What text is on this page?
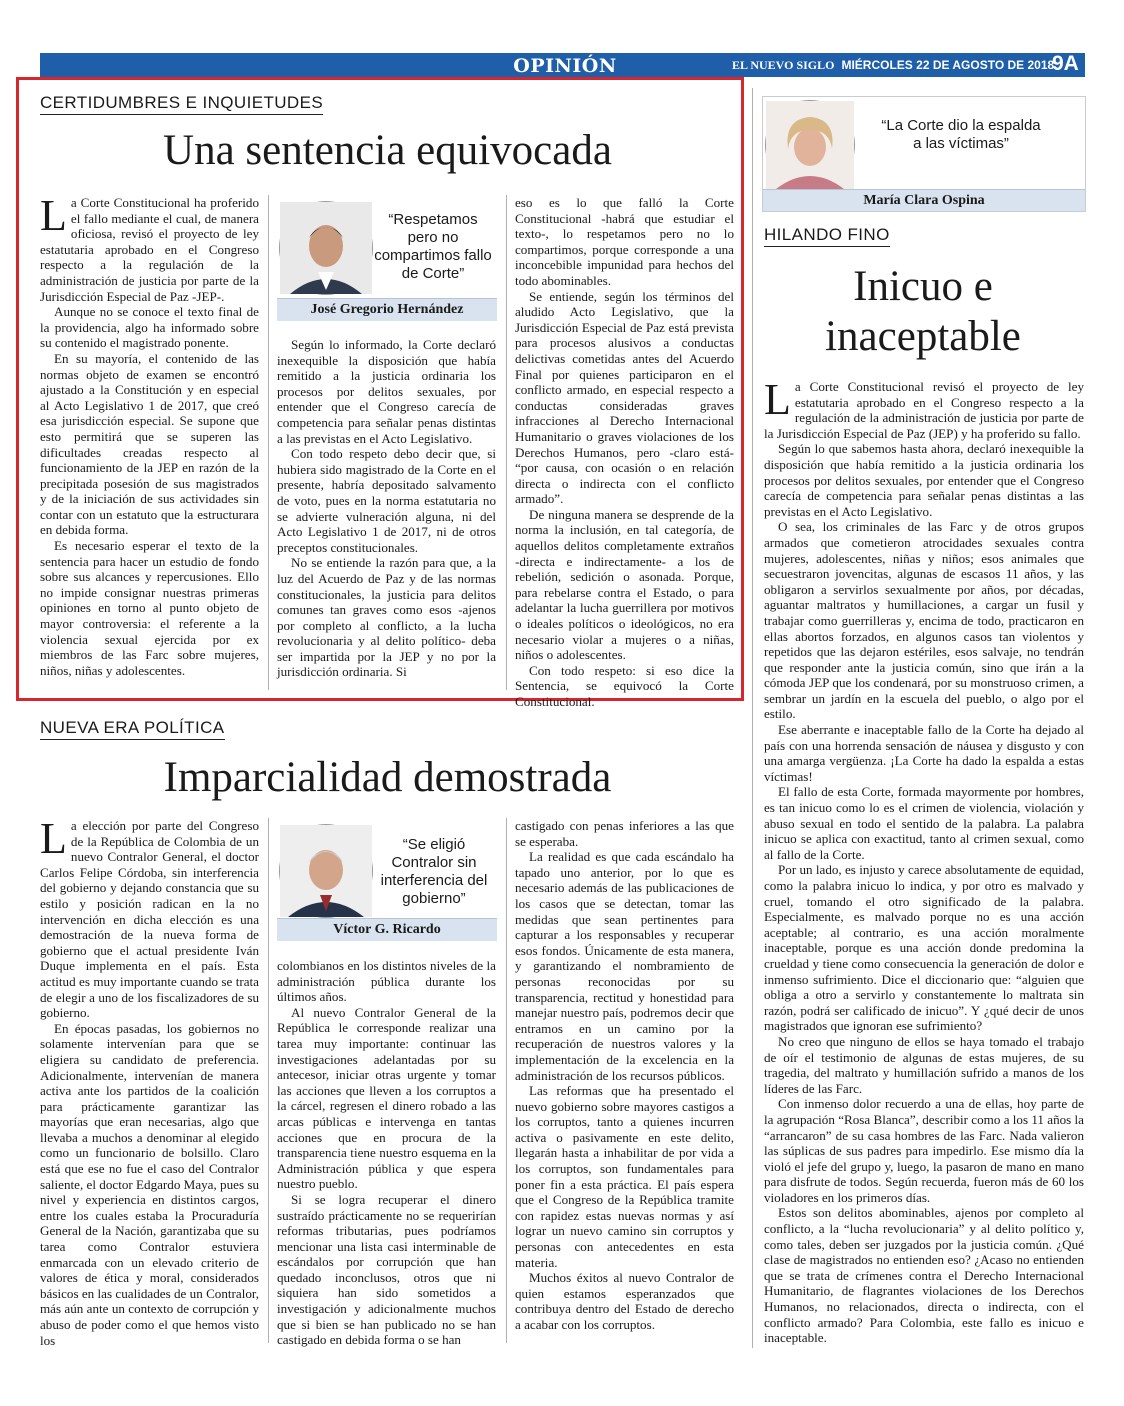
OPINIÓN	EL NUEVO SIGLO MIÉRCOLES 22 DE AGOSTO DE 2018
9A
CERTIDUMBRES E INQUIETUDES
Una sentencia equivocada

La Corte Constitucional ha proferido el fallo mediante el cual, de manera oficiosa, revisó el proyecto de ley estatutaria aprobado en el Congreso respecto a la regulación de la administración de justicia por parte de la Jurisdicción Especial de Paz -JEP-.

Aunque no se conoce el texto final de la providencia, algo ha informado sobre su contenido el magistrado ponente.

En su mayoría, el contenido de las normas objeto de examen se encontró ajustado a la Constitución y en especial al Acto Legislativo 1 de 2017, que creó esa jurisdicción especial. Se supone que esto permitirá que se superen las dificultades creadas respecto al funcionamiento de la JEP en razón de la precipitada posesión de sus magistrados y de la iniciación de sus actividades sin contar con un estatuto que la estructurara en debida forma.

Es necesario esperar el texto de la sentencia para hacer un estudio de fondo sobre sus alcances y repercusiones. Ello no impide consignar nuestras primeras opiniones en torno al punto objeto de mayor controversia: el referente a la violencia sexual ejercida por ex miembros de las Farc sobre mujeres, niños, niñas y adolescentes.

“Respetamos pero no compartimos fallo de Corte”
José Gregorio Hernández

Según lo informado, la Corte declaró inexequible la disposición que había remitido a la justicia ordinaria los procesos por delitos sexuales, por entender que el Congreso carecía de competencia para señalar penas distintas a las previstas en el Acto Legislativo.

Con todo respeto debo decir que, si hubiera sido magistrado de la Corte en el presente, habría depositado salvamento de voto, pues en la norma estatutaria no se advierte vulneración alguna, ni del Acto Legislativo 1 de 2017, ni de otros preceptos constitucionales.

No se entiende la razón para que, a la luz del Acuerdo de Paz y de las normas constitucionales, la justicia para delitos comunes tan graves como esos -ajenos por completo al conflicto, a la lucha revolucionaria y al delito político- deba ser impartida por la JEP y no por la jurisdicción ordinaria. Si

eso es lo que falló la Corte Constitucional -habrá que estudiar el texto-, lo respetamos pero no lo compartimos, porque corresponde a una inconcebible impunidad para hechos del todo abominables.

Se entiende, según los términos del aludido Acto Legislativo, que la Jurisdicción Especial de Paz está prevista para procesos alusivos a conductas delictivas cometidas antes del Acuerdo Final por quienes participaron en el conflicto armado, en especial respecto a conductas consideradas graves infracciones al Derecho Internacional Humanitario o graves violaciones de los Derechos Humanos, pero -claro está- “por causa, con ocasión o en relación directa o indirecta con el conflicto armado”.

De ninguna manera se desprende de la norma la inclusión, en tal categoría, de aquellos delitos completamente extraños -directa e indirectamente- a los de rebelión, sedición o asonada. Porque, para rebelarse contra el Estado, o para adelantar la lucha guerrillera por motivos o ideales políticos o ideológicos, no era necesario violar a mujeres o a niñas, niños o adolescentes.

Con todo respeto: si eso dice la Sentencia, se equivocó la Corte Constitucional.

NUEVA ERA POLÍTICA
Imparcialidad demostrada

La elección por parte del Congreso de la República de Colombia de un nuevo Contralor General, el doctor Carlos Felipe Córdoba, sin interferencia del gobierno y dejando constancia que su estilo y posición radican en la no intervención en dicha elección es una demostración de la nueva forma de gobierno que el actual presidente Iván Duque implementa en el país. Esta actitud es muy importante cuando se trata de elegir a uno de los fiscalizadores de su gobierno.

En épocas pasadas, los gobiernos no solamente intervenían para que se eligiera su candidato de preferencia. Adicionalmente, intervenían de manera activa ante los partidos de la coalición para prácticamente garantizar las mayorías que eran necesarias, algo que llevaba a muchos a denominar al elegido como un funcionario de bolsillo. Claro está que ese no fue el caso del Contralor saliente, el doctor Edgardo Maya, pues su nivel y experiencia en distintos cargos, entre los cuales estaba la Procuraduría General de la Nación, garantizaba que su tarea como Contralor estuviera enmarcada con un elevado criterio de valores de ética y moral, considerados básicos en las cualidades de un Contralor, más aún ante un contexto de corrupción y abuso de poder como el que hemos visto los

“Se eligió Contralor sin interferencia del gobierno”
Víctor G. Ricardo

colombianos en los distintos niveles de la administración pública durante los últimos años.

Al nuevo Contralor General de la República le corresponde realizar una tarea muy importante: continuar las investigaciones adelantadas por su antecesor, iniciar otras urgente y tomar las acciones que lleven a los corruptos a la cárcel, regresen el dinero robado a las arcas públicas e intervenga en tantas acciones que en procura de la transparencia tiene nuestro esquema en la Administración pública y que espera nuestro pueblo.

Si se logra recuperar el dinero sustraído prácticamente no se requerirían reformas tributarias, pues podríamos mencionar una lista casi interminable de escándalos por corrupción que han quedado inconclusos, otros que ni siquiera han sido sometidos a investigación y adicionalmente muchos que si bien se han publicado no se han castigado en debida forma o se han

castigado con penas inferiores a las que se esperaba.

La realidad es que cada escándalo ha tapado uno anterior, por lo que es necesario además de las publicaciones de los casos que se detectan, tomar las medidas que sean pertinentes para capturar a los responsables y recuperar esos fondos. Únicamente de esta manera, y garantizando el nombramiento de personas reconocidas por su transparencia, rectitud y honestidad para manejar nuestro país, podremos decir que entramos en un camino por la recuperación de nuestros valores y la implementación de la excelencia en la administración de los recursos públicos.

Las reformas que ha presentado el nuevo gobierno sobre mayores castigos a los corruptos, tanto a quienes incurren activa o pasivamente en este delito, llegarán hasta a inhabilitar de por vida a los corruptos, son fundamentales para poner fin a esta práctica. El país espera que el Congreso de la República tramite con rapidez estas nuevas normas y así lograr un nuevo camino sin corruptos y personas con antecedentes en esta materia.

Muchos éxitos al nuevo Contralor de quien estamos esperanzados que contribuya dentro del Estado de derecho a acabar con los corruptos.

“La Corte dio la espalda a las víctimas”
María Clara Ospina
HILANDO FINO
Inicuo e
inaceptable

La Corte Constitucional revisó el proyecto de ley estatutaria aprobado en el Congreso respecto a la regulación de la administración de justicia por parte de la Jurisdicción Especial de Paz (JEP) y ha proferido su fallo.

Según lo que sabemos hasta ahora, declaró inexequible la disposición que había remitido a la justicia ordinaria los procesos por delitos sexuales, por entender que el Congreso carecía de competencia para señalar penas distintas a las previstas en el Acto Legislativo.

O sea, los criminales de las Farc y de otros grupos armados que cometieron atrocidades sexuales contra mujeres, adolescentes, niñas y niños; esos animales que secuestraron jovencitas, algunas de escasos 11 años, y las obligaron a servirlos sexualmente por años, por décadas, aguantar maltratos y humillaciones, a cargar un fusil y trabajar como guerrilleras y, encima de todo, practicaron en ellas abortos forzados, en algunos casos tan violentos y repetidos que las dejaron estériles, esos salvaje, no tendrán que responder ante la justicia común, sino que irán a la cómoda JEP que los condenará, por su monstruoso crimen, a sembrar un jardín en la escuela del pueblo, o algo por el estilo.

Ese aberrante e inaceptable fallo de la Corte ha dejado al país con una horrenda sensación de náusea y disgusto y con una amarga vergüenza. ¡La Corte ha dado la espalda a estas víctimas!

El fallo de esta Corte, formada mayormente por hombres, es tan inicuo como lo es el crimen de violencia, violación y abuso sexual en todo el sentido de la palabra. La palabra inicuo se aplica con exactitud, tanto al crimen sexual, como al fallo de la Corte.

Por un lado, es injusto y carece absolutamente de equidad, como la palabra inicuo lo indica, y por otro es malvado y cruel, tomando el otro significado de la palabra. Especialmente, es malvado porque no es una acción aceptable; al contrario, es una acción moralmente inaceptable, porque es una acción donde predomina la crueldad y tiene como consecuencia la generación de dolor e inmenso sufrimiento. Dice el diccionario que: “alguien que obliga a otro a servirlo y constantemente lo maltrata sin razón, podrá ser calificado de inicuo”. Y ¿qué decir de unos magistrados que ignoran ese sufrimiento?

No creo que ninguno de ellos se haya tomado el trabajo de oír el testimonio de algunas de estas mujeres, de su tragedia, del maltrato y humillación sufrido a manos de los líderes de las Farc.

Con inmenso dolor recuerdo a una de ellas, hoy parte de la agrupación “Rosa Blanca”, describir como a los 11 años la “arrancaron” de su casa hombres de las Farc. Nada valieron las súplicas de sus padres para impedirlo. Ese mismo día la violó el jefe del grupo y, luego, la pasaron de mano en mano para disfrute de todos. Según recuerda, fueron más de 60 los violadores en los primeros días.

Estos son delitos abominables, ajenos por completo al conflicto, a la “lucha revolucionaria” y al delito político y, como tales, deben ser juzgados por la justicia común. ¿Qué clase de magistrados no entienden eso? ¿Acaso no entienden que se trata de crímenes contra el Derecho Internacional Humanitario, de flagrantes violaciones de los Derechos Humanos, no relacionados, directa o indirecta, con el conflicto armado? Para Colombia, este fallo es inicuo e inaceptable.
